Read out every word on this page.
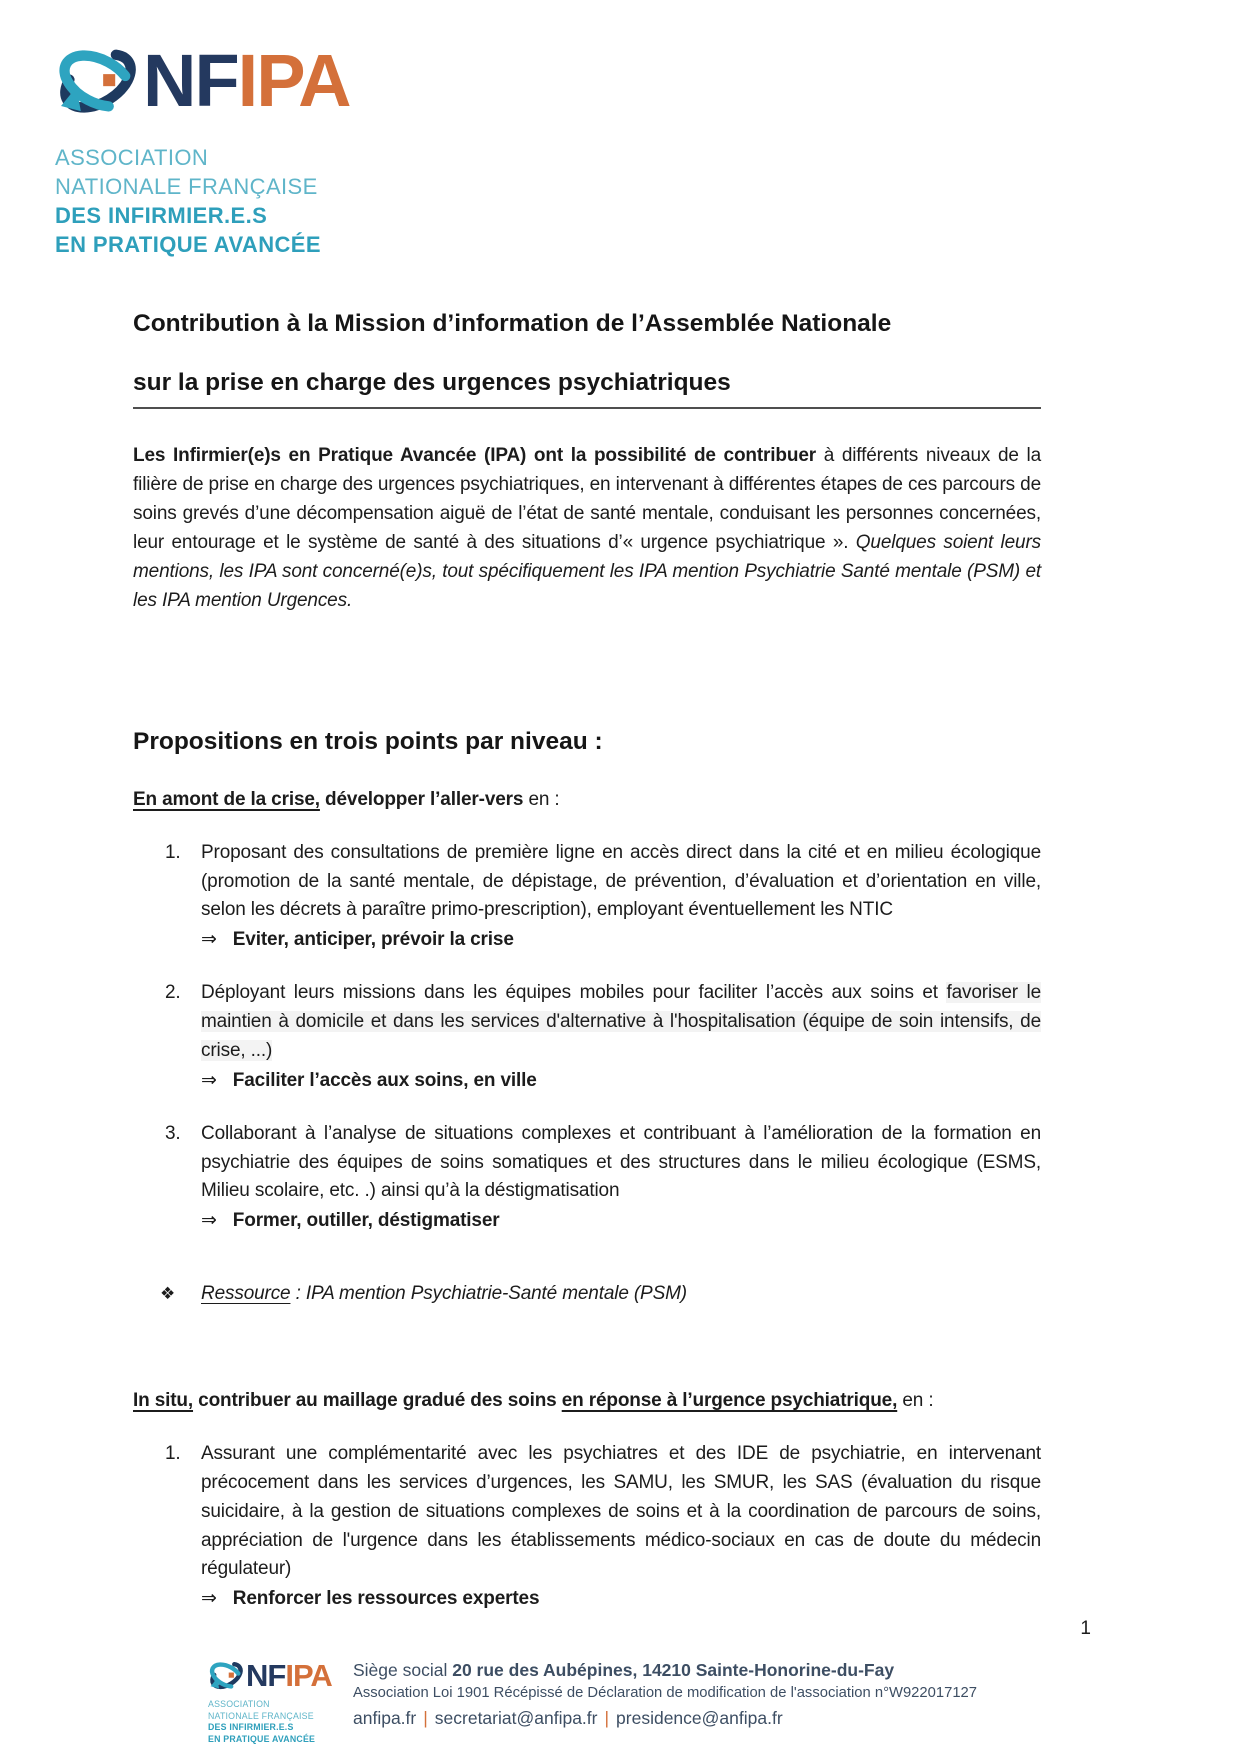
NF IPA
ASSOCIATION
NATIONALE FRANÇAISE
DES INFIRMIER.E.S
EN PRATIQUE AVANCÉE
Contribution à la Mission d’information de l’Assemblée Nationale
sur la prise en charge des urgences psychiatriques

Les Infirmier(e)s en Pratique Avancée (IPA) ont la possibilité de contribuer à différents niveaux de la filière de prise en charge des urgences psychiatriques, en intervenant à différentes étapes de ces parcours de soins grevés d’une décompensation aiguë de l’état de santé mentale, conduisant les personnes concernées, leur entourage et le système de santé à des situations d’« urgence psychiatrique ». Quelques soient leurs mentions, les IPA sont concerné(e)s, tout spécifiquement les IPA mention Psychiatrie Santé mentale (PSM) et les IPA mention Urgences.

Propositions en trois points par niveau :

En amont de la crise, développer l’aller-vers en :

1.	Proposant des consultations de première ligne en accès direct dans la cité et en milieu écologique (promotion de la santé mentale, de dépistage, de prévention, d’évaluation et d’orientation en ville, selon les décrets à paraître primo-prescription), employant éventuellement les NTIC
⇒ Eviter, anticiper, prévoir la crise
2.	Déployant leurs missions dans les équipes mobiles pour faciliter l’accès aux soins et favoriser le maintien à domicile et dans les services d'alternative à l'hospitalisation (équipe de soin intensifs, de crise, ...)
⇒ Faciliter l’accès aux soins, en ville
3.	Collaborant à l’analyse de situations complexes et contribuant à l’amélioration de la formation en psychiatrie des équipes de soins somatiques et des structures dans le milieu écologique (ESMS, Milieu scolaire, etc. .) ainsi qu’à la déstigmatisation
⇒ Former, outiller, déstigmatiser
❖	Ressource : IPA mention Psychiatrie-Santé mentale (PSM)

In situ, contribuer au maillage gradué des soins en réponse à l’urgence psychiatrique, en :

1.	Assurant une complémentarité avec les psychiatres et des IDE de psychiatrie, en intervenant précocement dans les services d’urgences, les SAMU, les SMUR, les SAS (évaluation du risque suicidaire, à la gestion de situations complexes de soins et à la coordination de parcours de soins, appréciation de l'urgence dans les établissements médico-sociaux en cas de doute du médecin régulateur)
⇒ Renforcer les ressources expertes
1
NF IPA
ASSOCIATION
NATIONALE FRANÇAISE
DES INFIRMIER.E.S
EN PRATIQUE AVANCÉE
Siège social 20 rue des Aubépines, 14210 Sainte-Honorine-du-Fay
Association Loi 1901 Récépissé de Déclaration de modification de l'association n°W922017127
anfipa.fr | secretariat@anfipa.fr | presidence@anfipa.fr
